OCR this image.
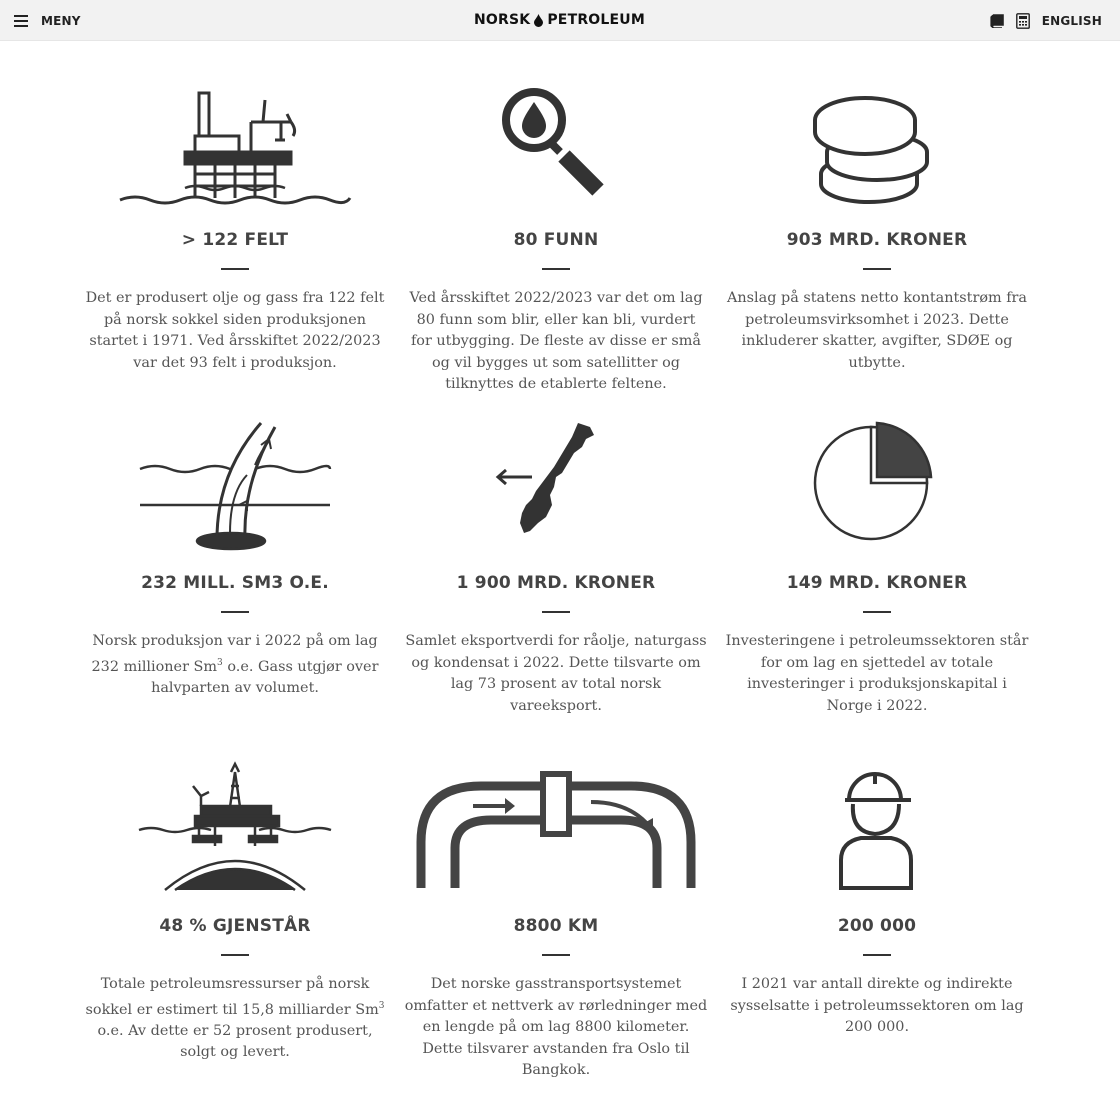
MENY	NORSK PETROLEUM	ENGLISH
> 122 FELT

Det er produsert olje og gass fra 122 felt på norsk sokkel siden produksjonen startet i 1971. Ved årsskiftet 2022/2023 var det 93 felt i produksjon.

80 FUNN

Ved årsskiftet 2022/2023 var det om lag 80 funn som blir, eller kan bli, vurdert for utbygging. De fleste av disse er små og vil bygges ut som satellitter og tilknyttes de etablerte feltene.

903 MRD. KRONER

Anslag på statens netto kontantstrøm fra petroleumsvirksomhet i 2023. Dette inkluderer skatter, avgifter, SDØE og utbytte.

232 MILL. SM3 O.E.

Norsk produksjon var i 2022 på om lag 232 millioner Sm$^3$ o.e. Gass utgjør over halvparten av volumet.

1 900 MRD. KRONER

Samlet eksportverdi for råolje, naturgass og kondensat i 2022. Dette tilsvarte om lag 73 prosent av total norsk vareeksport.

149 MRD. KRONER

Investeringene i petroleumssektoren står for om lag en sjettedel av totale investeringer i produksjonskapital i Norge i 2022.

48 % GJENSTÅR

Totale petroleumsressurser på norsk sokkel er estimert til 15,8 milliarder Sm$^3$ o.e. Av dette er 52 prosent produsert, solgt og levert.

8800 KM

Det norske gasstransportsystemet omfatter et nettverk av rørledninger med en lengde på om lag 8800 kilometer. Dette tilsvarer avstanden fra Oslo til Bangkok.

200 000

I 2021 var antall direkte og indirekte sysselsatte i petroleumssektoren om lag 200 000.
